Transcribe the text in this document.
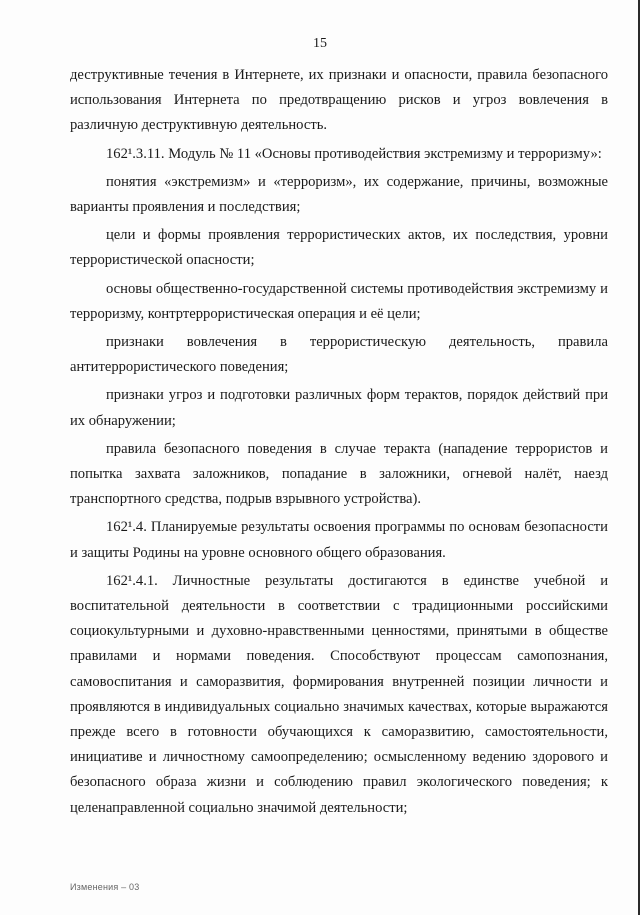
15

деструктивные течения в Интернете, их признаки и опасности, правила безопасного использования Интернета по предотвращению рисков и угроз вовлечения в различную деструктивную деятельность.

162¹.3.11. Модуль № 11 «Основы противодействия экстремизму и терроризму»:

понятия «экстремизм» и «терроризм», их содержание, причины, возможные варианты проявления и последствия;

цели и формы проявления террористических актов, их последствия, уровни террористической опасности;

основы общественно-государственной системы противодействия экстремизму и терроризму, контртеррористическая операция и её цели;

признаки вовлечения в террористическую деятельность, правила антитеррористического поведения;

признаки угроз и подготовки различных форм терактов, порядок действий при их обнаружении;

правила безопасного поведения в случае теракта (нападение террористов и попытка захвата заложников, попадание в заложники, огневой налёт, наезд транспортного средства, подрыв взрывного устройства).

162¹.4. Планируемые результаты освоения программы по основам безопасности и защиты Родины на уровне основного общего образования.

162¹.4.1. Личностные результаты достигаются в единстве учебной и воспитательной деятельности в соответствии с традиционными российскими социокультурными и духовно-нравственными ценностями, принятыми в обществе правилами и нормами поведения. Способствуют процессам самопознания, самовоспитания и саморазвития, формирования внутренней позиции личности и проявляются в индивидуальных социально значимых качествах, которые выражаются прежде всего в готовности обучающихся к саморазвитию, самостоятельности, инициативе и личностному самоопределению; осмысленному ведению здорового и безопасного образа жизни и соблюдению правил экологического поведения; к целенаправленной социально значимой деятельности;

Изменения – 03
